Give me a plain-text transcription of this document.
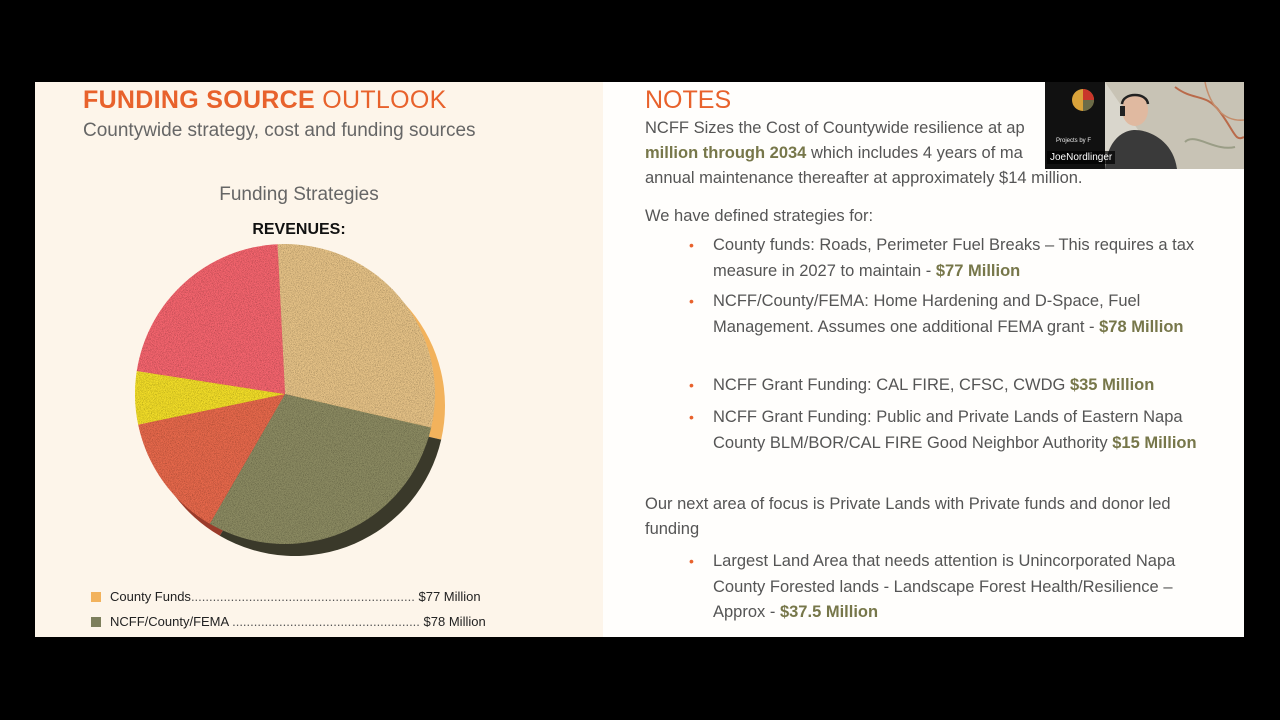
FUNDING SOURCE OUTLOOK
Countywide strategy, cost and funding sources
Funding Strategies
REVENUES:
County Funds.............................................................. $77 Million
NCFF/County/FEMA .................................................... $78 Million
NOTES
NCFF Sizes the Cost of Countywide resilience at ap
million through 2034 which includes 4 years of ma
annual maintenance thereafter at approximately $14 million.
We have defined strategies for:
• County funds: Roads, Perimeter Fuel Breaks – This requires a tax measure in 2027 to maintain - $77 Million
• NCFF/County/FEMA: Home Hardening and D-Space, Fuel Management. Assumes one additional FEMA grant - $78 Million
• NCFF Grant Funding: CAL FIRE, CFSC, CWDG $35 Million
• NCFF Grant Funding: Public and Private Lands of Eastern Napa County BLM/BOR/CAL FIRE Good Neighbor Authority $15 Million
Our next area of focus is Private Lands with Private funds and donor led funding
• Largest Land Area that needs attention is Unincorporated Napa County Forested lands - Landscape Forest Health/Resilience – Approx - $37.5 Million
Projects by F
JoeNordlinger
